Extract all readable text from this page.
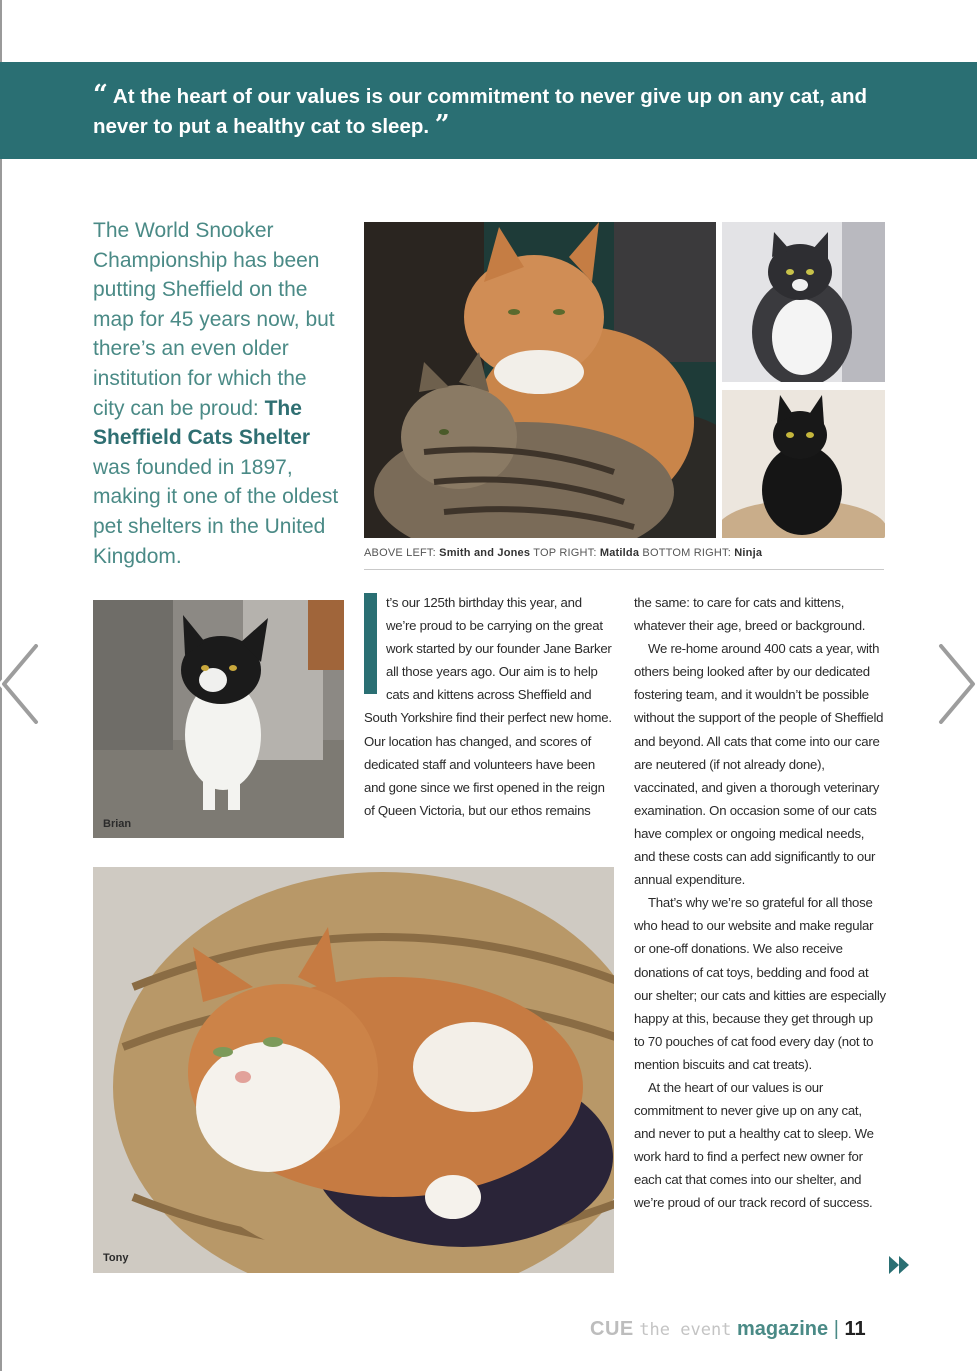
“ At the heart of our values is our commitment to never give up on any cat, and never to put a healthy cat to sleep. ”
The World Snooker Championship has been putting Sheffield on the map for 45 years now, but there’s an even older institution for which the city can be proud: The Sheffield Cats Shelter was founded in 1897, making it one of the oldest pet shelters in the United Kingdom.	ABOVE LEFT: Smith and Jones TOP RIGHT: Matilda BOTTOM RIGHT: Ninja
Brian
Tony

t’s our 125th birthday this year, and we’re proud to be carrying on the great work started by our founder Jane Barker all those years ago. Our aim is to help cats and kittens across Sheffield and South Yorkshire find their perfect new home. Our location has changed, and scores of dedicated staff and volunteers have been and gone since we first opened in the reign of Queen Victoria, but our ethos remains

the same: to care for cats and kittens, whatever their age, breed or background.

We re-home around 400 cats a year, with others being looked after by our dedicated fostering team, and it wouldn’t be possible without the support of the people of Sheffield and beyond. All cats that come into our care are neutered (if not already done), vaccinated, and given a thorough veterinary examination. On occasion some of our cats have complex or ongoing medical needs, and these costs can add significantly to our annual expenditure.

That’s why we’re so grateful for all those who head to our website and make regular or one-off donations. We also receive donations of cat toys, bedding and food at our shelter; our cats and kitties are especially happy at this, because they get through up to 70 pouches of cat food every day (not to mention biscuits and cat treats).

At the heart of our values is our commitment to never give up on any cat, and never to put a healthy cat to sleep. We work hard to find a perfect new owner for each cat that comes into our shelter, and we’re proud of our track record of success.

CUE the event magazine | 11
